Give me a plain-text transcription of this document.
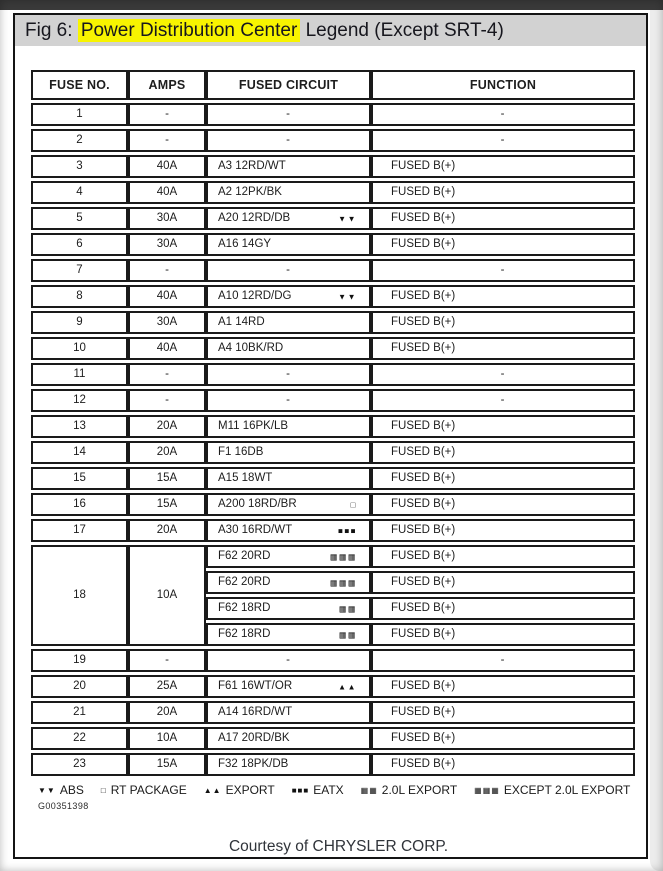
Fig 6: Power Distribution Center Legend (Except SRT-4)
FUSE NO.	AMPS	FUSED CIRCUIT	FUNCTION
1	-	-	-
2	-	-	-
3	40A	A3 12RD/WT	FUSED B(+)
4	40A	A2 12PK/BK	FUSED B(+)
5	30A	A20 12RD/DB ▼▼	FUSED B(+)
6	30A	A16 14GY	FUSED B(+)
7	-	-	-
8	40A	A10 12RD/DG ▼▼	FUSED B(+)
9	30A	A1 14RD	FUSED B(+)
10	40A	A4 10BK/RD	FUSED B(+)
11	-	-	-
12	-	-	-
13	20A	M11 16PK/LB	FUSED B(+)
14	20A	F1 16DB	FUSED B(+)
15	15A	A15 18WT	FUSED B(+)
16	15A	A200 18RD/BR □	FUSED B(+)
17	20A	A30 16RD/WT ■■■	FUSED B(+)
18	10A	F62 20RD ▦▦▦	FUSED B(+)
		F62 20RD ▦▦▦	FUSED B(+)
		F62 18RD ▦▦	FUSED B(+)
		F62 18RD ▦▦	FUSED B(+)
19	-	-	-
20	25A	F61 16WT/OR ▲▲	FUSED B(+)
21	20A	A14 16RD/WT	FUSED B(+)
22	10A	A17 20RD/BK	FUSED B(+)
23	15A	F32 18PK/DB	FUSED B(+)
▼▼ ABS □ RT PACKAGE ▲▲ EXPORT ■■■ EATX ▦▦ 2.0L EXPORT ▦▦▦ EXCEPT 2.0L EXPORT
G00351398
Courtesy of CHRYSLER CORP.
